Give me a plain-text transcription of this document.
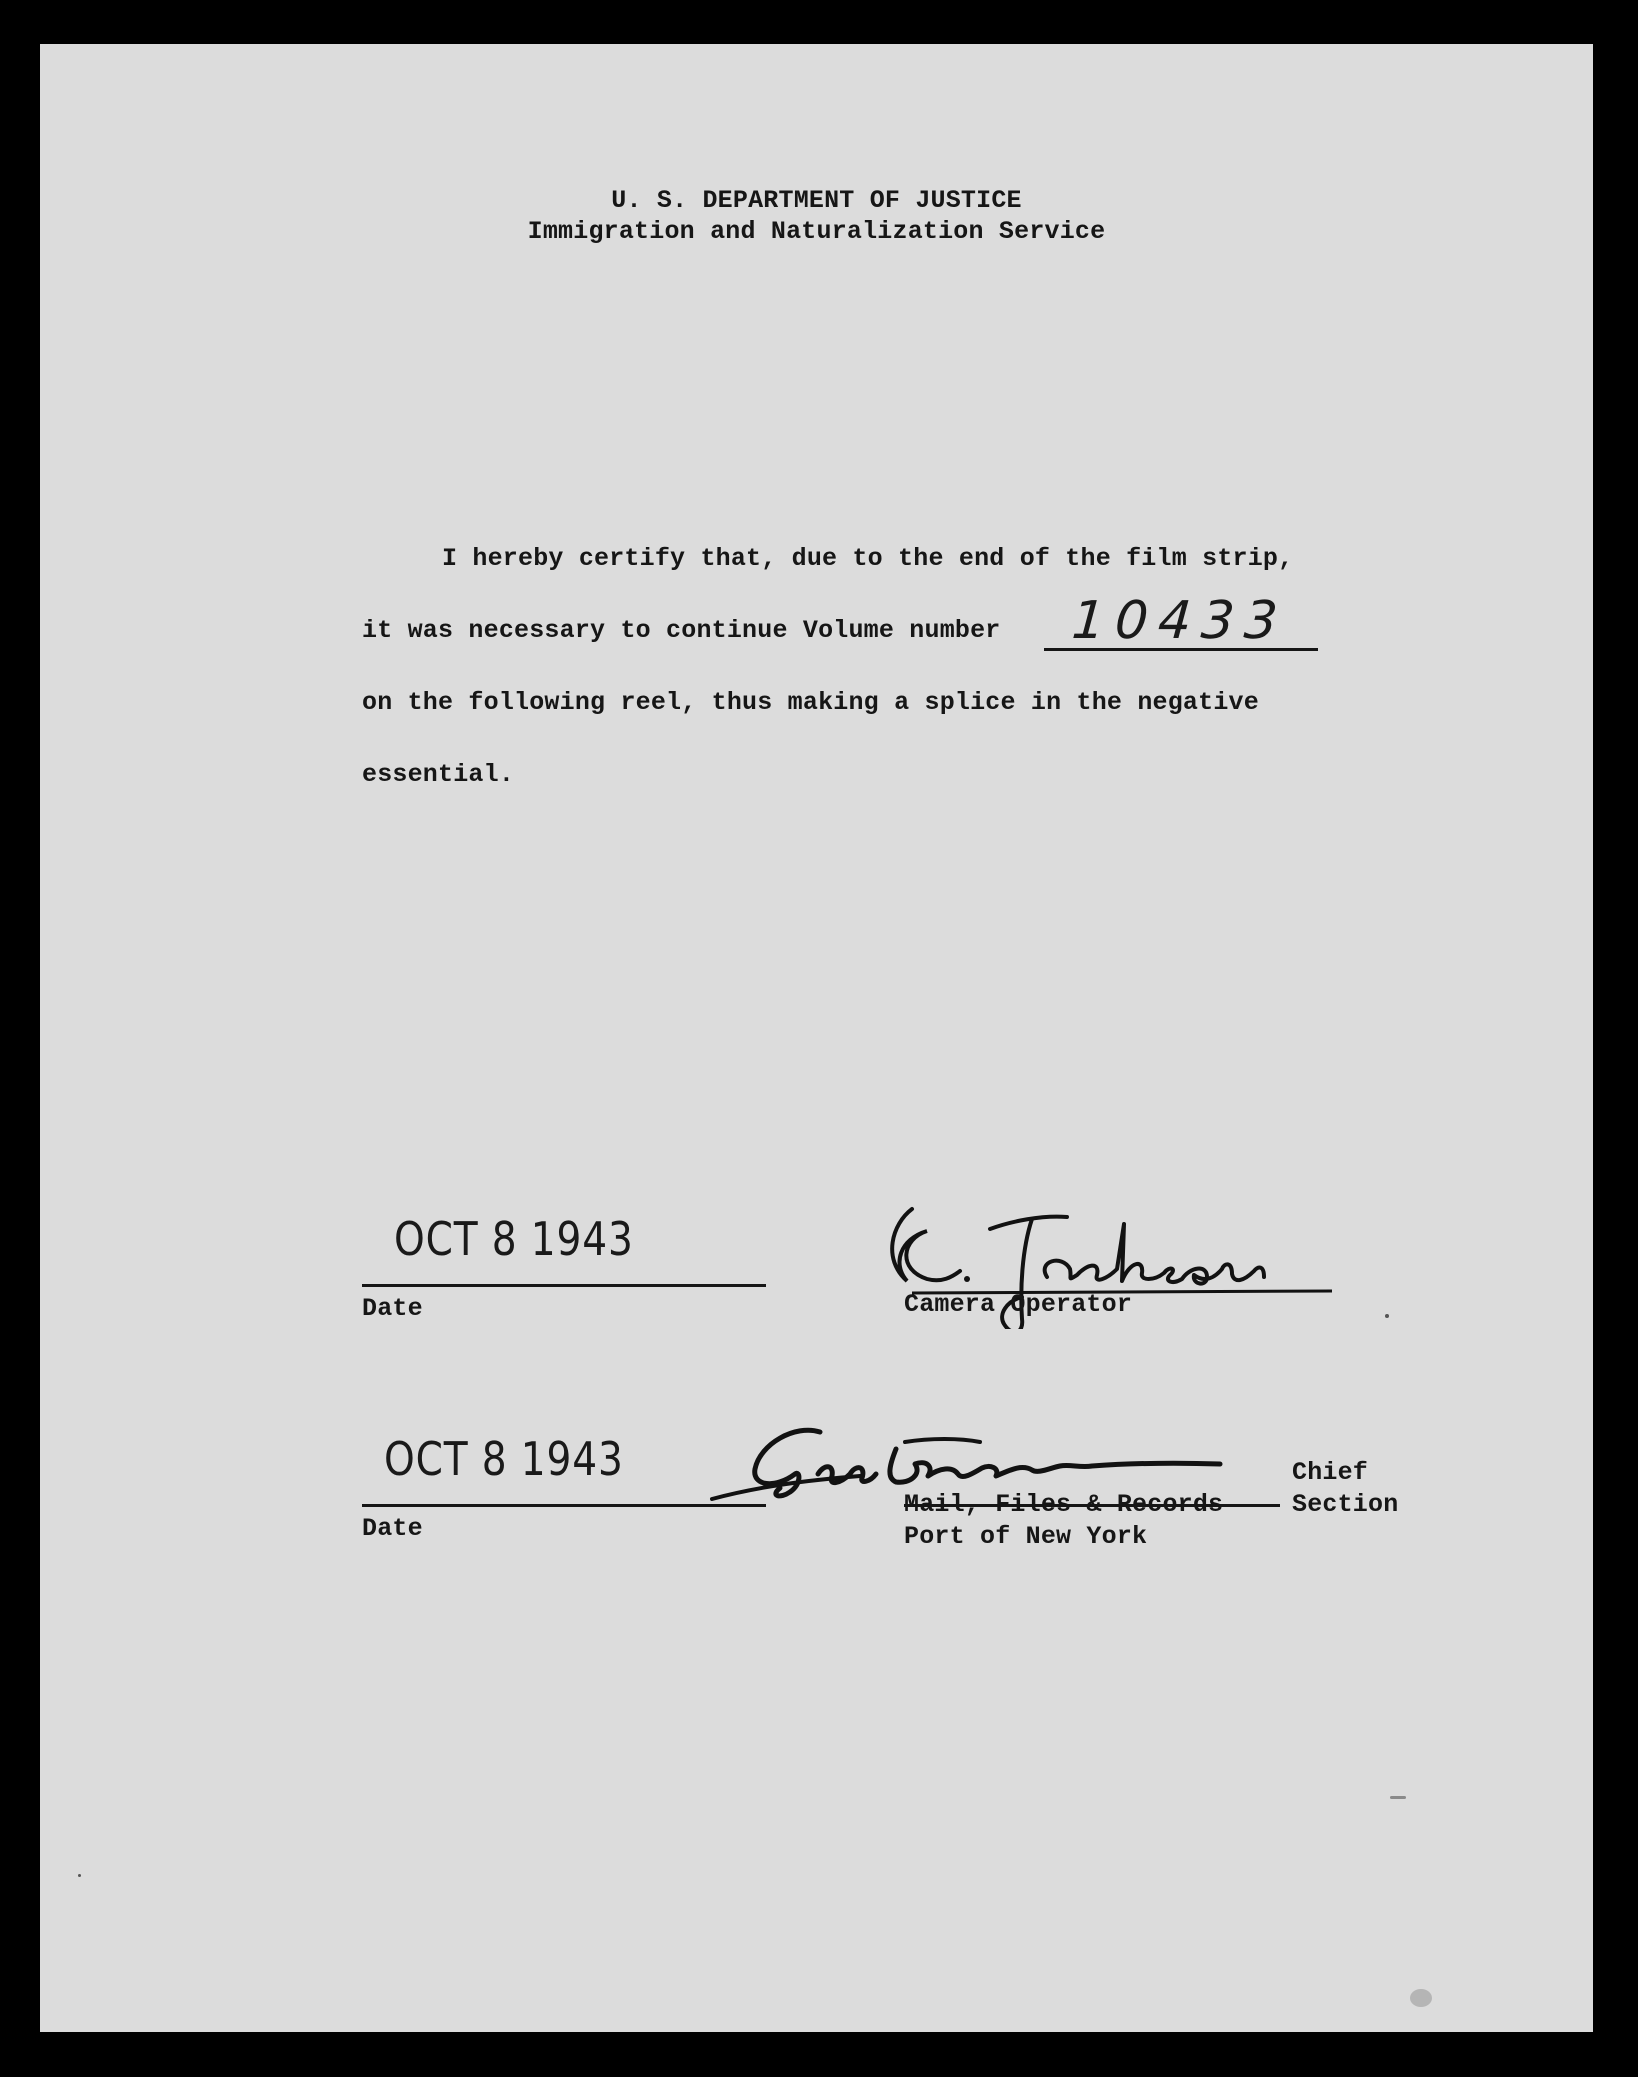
U. S. DEPARTMENT OF JUSTICE
Immigration and Naturalization Service
I hereby certify that, due to the end of the film strip,
it was necessary to continue Volume number 10433
on the following reel, thus making a splice in the negative
essential.
OCT 8 1943
Date	Camera Operator
OCT 8 1943
Date
Chief
Mail, Files & Records	Section
Port of New York
